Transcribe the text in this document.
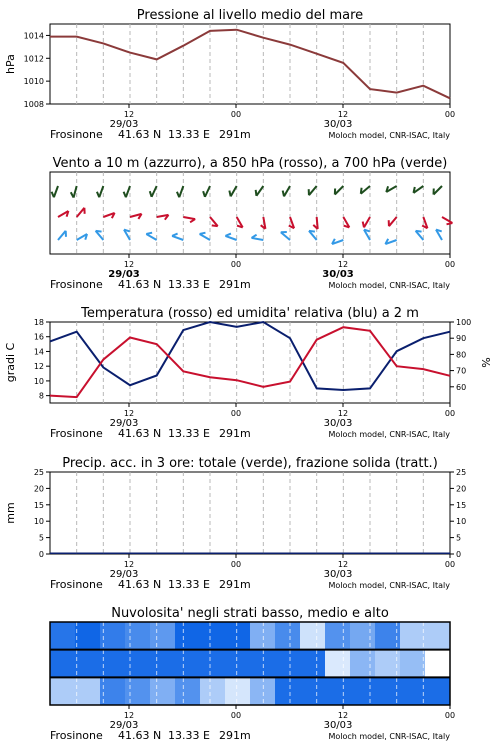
Pressione al livello medio del mare
1008
1010
1012
1014
hPa
12	00	12	00
29/03	30/03
Frosinone 41.63 N 13.33 E 291m	Moloch model, CNR-ISAC, Italy
Vento a 10 m (azzurro), a 850 hPa (rosso), a 700 hPa (verde)
12	00	12	00
29/03	30/03
Frosinone 41.63 N 13.33 E 291m	Moloch model, CNR-ISAC, Italy
Temperatura (rosso) ed umidita' relativa (blu) a 2 m
8
10
12
14
16
18
60
70
80
90
100
gradi C	%
12	00	12	00
29/03	30/03
Frosinone 41.63 N 13.33 E 291m	Moloch model, CNR-ISAC, Italy
Precip. acc. in 3 ore: totale (verde), frazione solida (tratt.)
0
5
10
15
20
25
0
5
10
15
20
25
mm
12	00	12	00
29/03	30/03
Frosinone 41.63 N 13.33 E 291m	Moloch model, CNR-ISAC, Italy
Nuvolosita' negli strati basso, medio e alto
12	00	12	00
29/03	30/03
Frosinone 41.63 N 13.33 E 291m	Moloch model, CNR-ISAC, Italy
